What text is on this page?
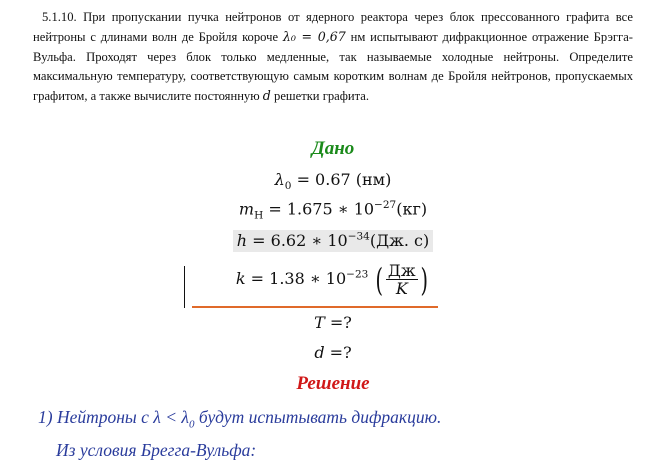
5.1.10. При пропускании пучка нейтронов от ядерного реактора через блок прессованного графита все нейтроны с длинами волн де Бройля короче λ₀ = 0,67 нм испытывают дифракционное отражение Брэгга-Вульфа. Проходят через блок только медленные, так называемые холодные нейтроны. Определите максимальную температуру, соответствующую самым коротким волнам де Бройля нейтронов, пропускаемых графитом, а также вычислите постоянную d решетки графита.

Дано
$\lambda_0 = 0.67$ (нм)
$m_H = 1.675$ ∗ $10^{-27}(кг)$
h = 6.62 ∗ $10^{-34}(Дж$. с)
k = 1.38 ∗ $10^{-23}$ ( $\frac{Дж}{K}$ )
T =?
d =?
Решение
1) Нейтроны с $\lambda < \lambda_0$ будут испытывать дифракцию.
Из условия Брегга-Вульфа:
